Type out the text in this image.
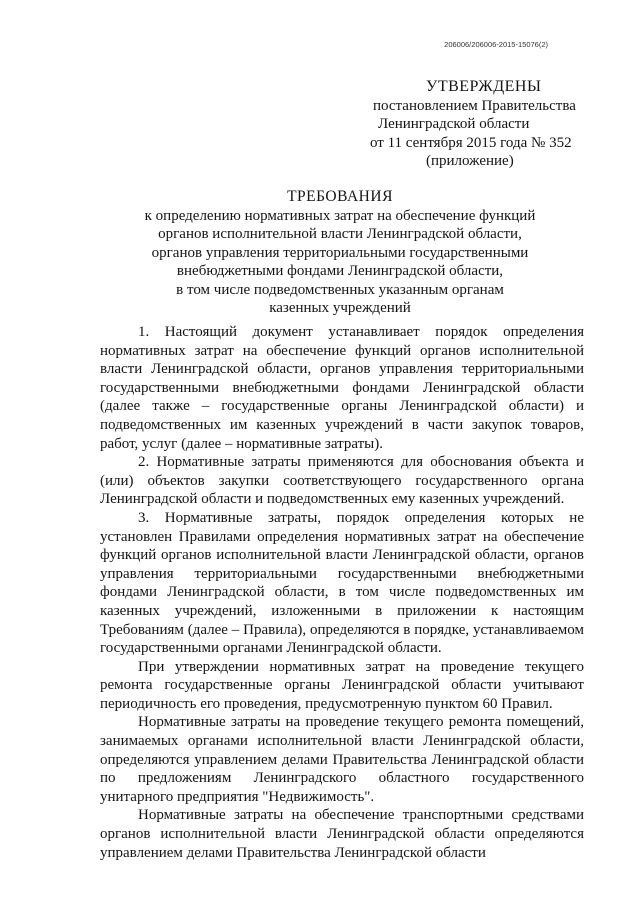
206006/206006-2015-15076(2)
УТВЕРЖДЕНЫ
постановлением Правительства
Ленинградской области
от 11 сентября 2015 года № 352
(приложение)
ТРЕБОВАНИЯ
к определению нормативных затрат на обеспечение функций
органов исполнительной власти Ленинградской области,
органов управления территориальными государственными
внебюджетными фондами Ленинградской области,
в том числе подведомственных указанным органам
казенных учреждений

1. Настоящий документ устанавливает порядок определения нормативных затрат на обеспечение функций органов исполнительной власти Ленинградской области, органов управления территориальными государственными внебюджетными фондами Ленинградской области (далее также – государственные органы Ленинградской области) и подведомственных им казенных учреждений в части закупок товаров, работ, услуг (далее – нормативные затраты).

2. Нормативные затраты применяются для обоснования объекта и (или) объектов закупки соответствующего государственного органа Ленинградской области и подведомственных ему казенных учреждений.

3. Нормативные затраты, порядок определения которых не установлен Правилами определения нормативных затрат на обеспечение функций органов исполнительной власти Ленинградской области, органов управления территориальными государственными внебюджетными фондами Ленинградской области, в том числе подведомственных им казенных учреждений, изложенными в приложении к настоящим Требованиям (далее – Правила), определяются в порядке, устанавливаемом государственными органами Ленинградской области.

При утверждении нормативных затрат на проведение текущего ремонта государственные органы Ленинградской области учитывают периодичность его проведения, предусмотренную пунктом 60 Правил.

Нормативные затраты на проведение текущего ремонта помещений, занимаемых органами исполнительной власти Ленинградской области, определяются управлением делами Правительства Ленинградской области по предложениям Ленинградского областного государственного унитарного предприятия "Недвижимость".

Нормативные затраты на обеспечение транспортными средствами органов исполнительной власти Ленинградской области определяются управлением делами Правительства Ленинградской области
